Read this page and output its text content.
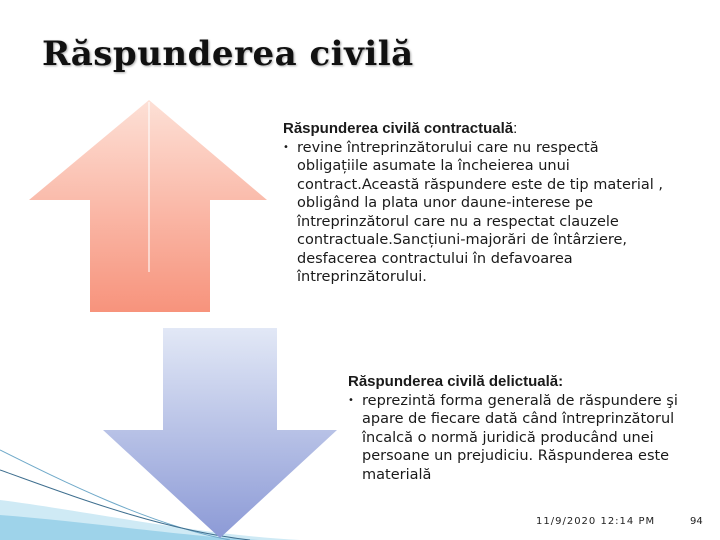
Răspunderea civilă
Răspunderea civilă contractuală:
• revine întreprinzătorului care nu respectă obligațiile asumate la încheierea unui contract.Această răspundere este de tip material , obligând la plata unor daune-interese pe întreprinzătorul care nu a respectat clauzele contractuale.Sancțiuni-majorări de întârziere, desfacerea contractului în defavoarea întreprinzătorului.
Răspunderea civilă delictuală:
• reprezintă forma generală de răspundere şi apare de fiecare dată când întreprinzătorul încalcă o normă juridică producând unei persoane un prejudiciu. Răspunderea este materială
11/9/2020 12:14 PM	94
